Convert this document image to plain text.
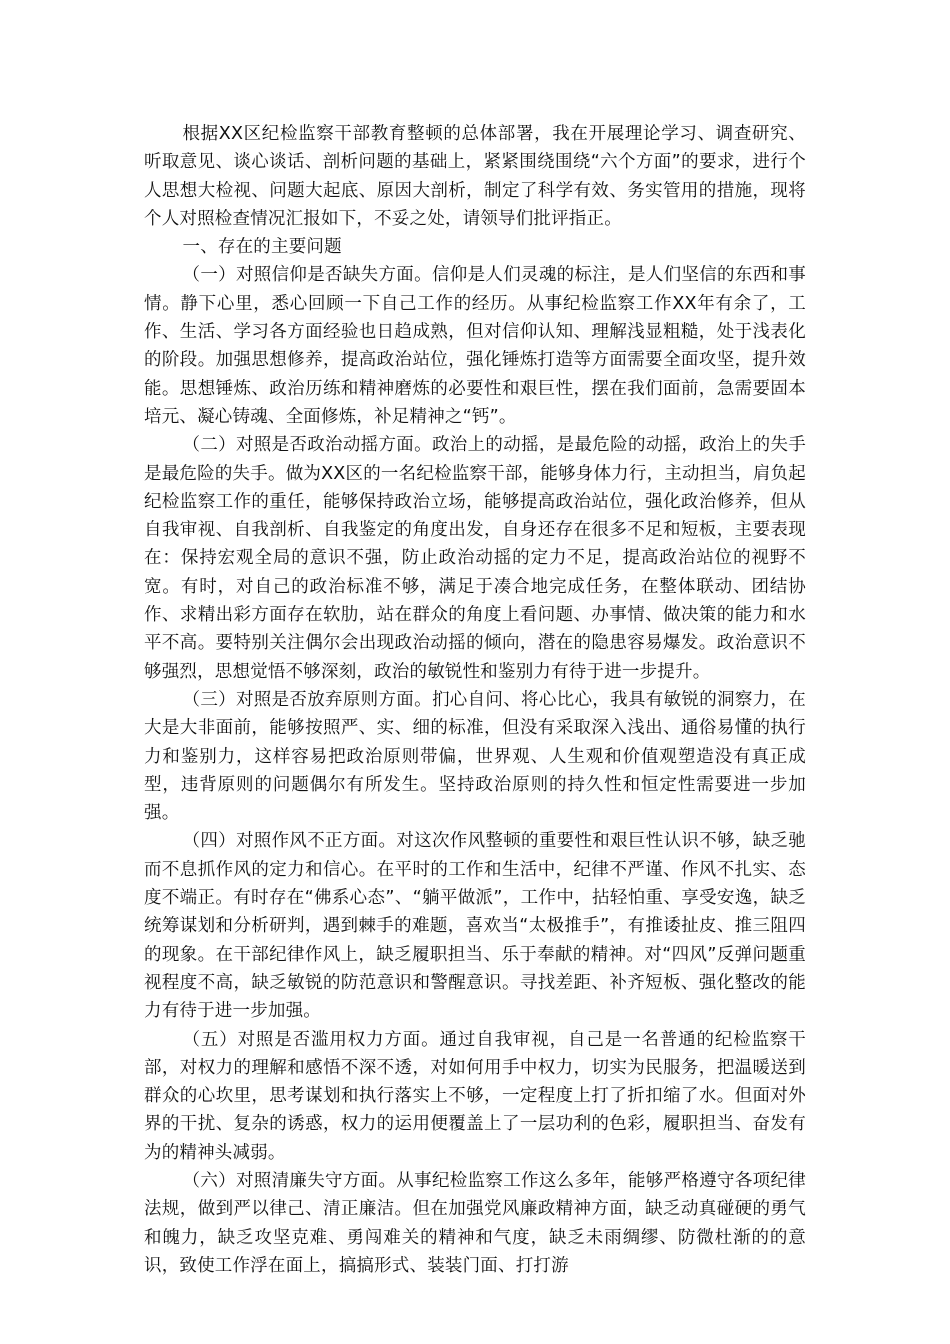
根据XX区纪检监察干部教育整顿的总体部署，我在开展理论学习、调查研究、听取意见、谈心谈话、剖析问题的基础上，紧紧围绕围绕“六个方面”的要求，进行个人思想大检视、问题大起底、原因大剖析，制定了科学有效、务实管用的措施，现将个人对照检查情况汇报如下，不妥之处，请领导们批评指正。

一、存在的主要问题

（一）对照信仰是否缺失方面。信仰是人们灵魂的标注，是人们坚信的东西和事情。静下心里，悉心回顾一下自己工作的经历。从事纪检监察工作XX年有余了，工作、生活、学习各方面经验也日趋成熟，但对信仰认知、理解浅显粗糙，处于浅表化的阶段。加强思想修养，提高政治站位，强化锤炼打造等方面需要全面攻坚，提升效能。思想锤炼、政治历练和精神磨炼的必要性和艰巨性，摆在我们面前，急需要固本培元、凝心铸魂、全面修炼，补足精神之“钙”。

（二）对照是否政治动摇方面。政治上的动摇，是最危险的动摇，政治上的失手是最危险的失手。做为XX区的一名纪检监察干部，能够身体力行，主动担当，肩负起纪检监察工作的重任，能够保持政治立场，能够提高政治站位，强化政治修养，但从自我审视、自我剖析、自我鉴定的角度出发，自身还存在很多不足和短板，主要表现在：保持宏观全局的意识不强，防止政治动摇的定力不足，提高政治站位的视野不宽。有时，对自己的政治标准不够，满足于凑合地完成任务，在整体联动、团结协作、求精出彩方面存在软肋，站在群众的角度上看问题、办事情、做决策的能力和水平不高。要特别关注偶尔会出现政治动摇的倾向，潜在的隐患容易爆发。政治意识不够强烈，思想觉悟不够深刻，政治的敏锐性和鉴别力有待于进一步提升。

（三）对照是否放弃原则方面。扪心自问、将心比心，我具有敏锐的洞察力，在大是大非面前，能够按照严、实、细的标准，但没有采取深入浅出、通俗易懂的执行力和鉴别力，这样容易把政治原则带偏，世界观、人生观和价值观塑造没有真正成型，违背原则的问题偶尔有所发生。坚持政治原则的持久性和恒定性需要进一步加强。

（四）对照作风不正方面。对这次作风整顿的重要性和艰巨性认识不够，缺乏驰而不息抓作风的定力和信心。在平时的工作和生活中，纪律不严谨、作风不扎实、态度不端正。有时存在“佛系心态”、“躺平做派”，工作中，拈轻怕重、享受安逸，缺乏统筹谋划和分析研判，遇到棘手的难题，喜欢当“太极推手”，有推诿扯皮、推三阻四的现象。在干部纪律作风上，缺乏履职担当、乐于奉献的精神。对“四风”反弹问题重视程度不高，缺乏敏锐的防范意识和警醒意识。寻找差距、补齐短板、强化整改的能力有待于进一步加强。

（五）对照是否滥用权力方面。通过自我审视，自己是一名普通的纪检监察干部，对权力的理解和感悟不深不透，对如何用手中权力，切实为民服务，把温暖送到群众的心坎里，思考谋划和执行落实上不够，一定程度上打了折扣缩了水。但面对外界的干扰、复杂的诱惑，权力的运用便覆盖上了一层功利的色彩，履职担当、奋发有为的精神头减弱。

（六）对照清廉失守方面。从事纪检监察工作这么多年，能够严格遵守各项纪律法规，做到严以律己、清正廉洁。但在加强党风廉政精神方面，缺乏动真碰硬的勇气和魄力，缺乏攻坚克难、勇闯难关的精神和气度，缺乏未雨绸缪、防微杜渐的的意识，致使工作浮在面上，搞搞形式、装装门面、打打游
